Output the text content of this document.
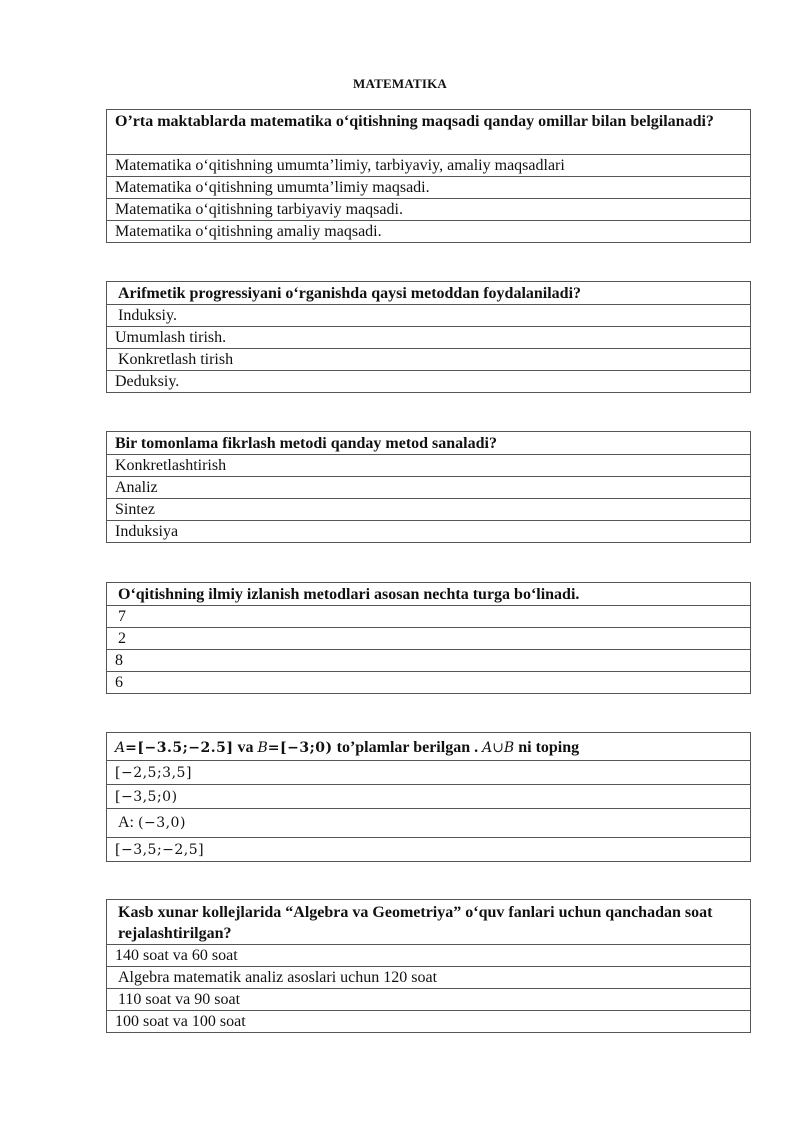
MATEMATIKA
O’rta maktablarda matematika o‘qitishning maqsadi qanday omillar bilan belgilanadi?
Matematika o‘qitishning umumta’limiy, tarbiyaviy, amaliy maqsadlari
Matematika o‘qitishning umumta’limiy maqsadi.
Matematika o‘qitishning tarbiyaviy maqsadi.
Matematika o‘qitishning amaliy maqsadi.
Arifmetik progressiyani o‘rganishda qaysi metoddan foydalaniladi?
Induksiy.
Umumlash tirish.
Konkretlash tirish
Deduksiy.
Bir tomonlama fikrlash metodi qanday metod sanaladi?
Konkretlashtirish
Analiz
Sintez
Induksiya
O‘qitishning ilmiy izlanish metodlari asosan nechta turga bo‘linadi.
7
2
8
6
A=[−3.5;−2.5] va B=[−3;0) to’plamlar berilgan . A∪B ni toping
[−2,5;3,5]
[−3,5;0)
A: (−3,0)
[−3,5;−2,5]
Kasb xunar kollejlarida “Algebra va Geometriya” o‘quv fanlari uchun qanchadan soat rejalashtirilgan?
140 soat va 60 soat
Algebra matematik analiz asoslari uchun 120 soat
110 soat va 90 soat
100 soat va 100 soat
